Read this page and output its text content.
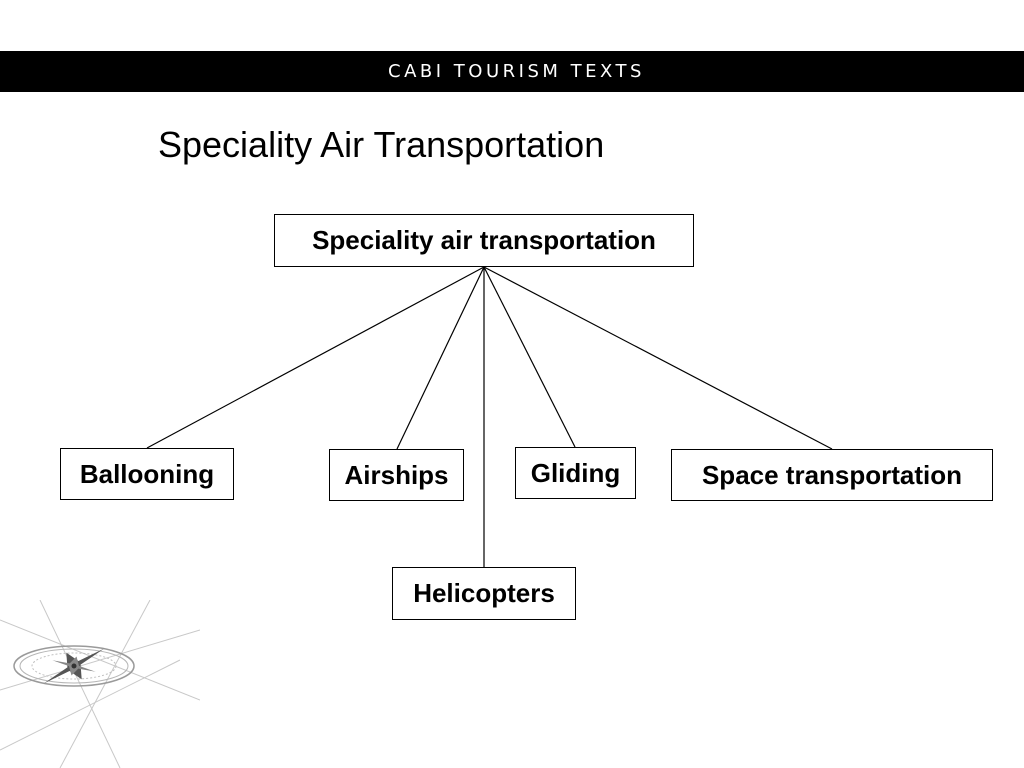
CABI TOURISM TEXTS
Speciality Air Transportation
Speciality air transportation
Ballooning	Airships
Helicopters
Gliding	Space transportation
